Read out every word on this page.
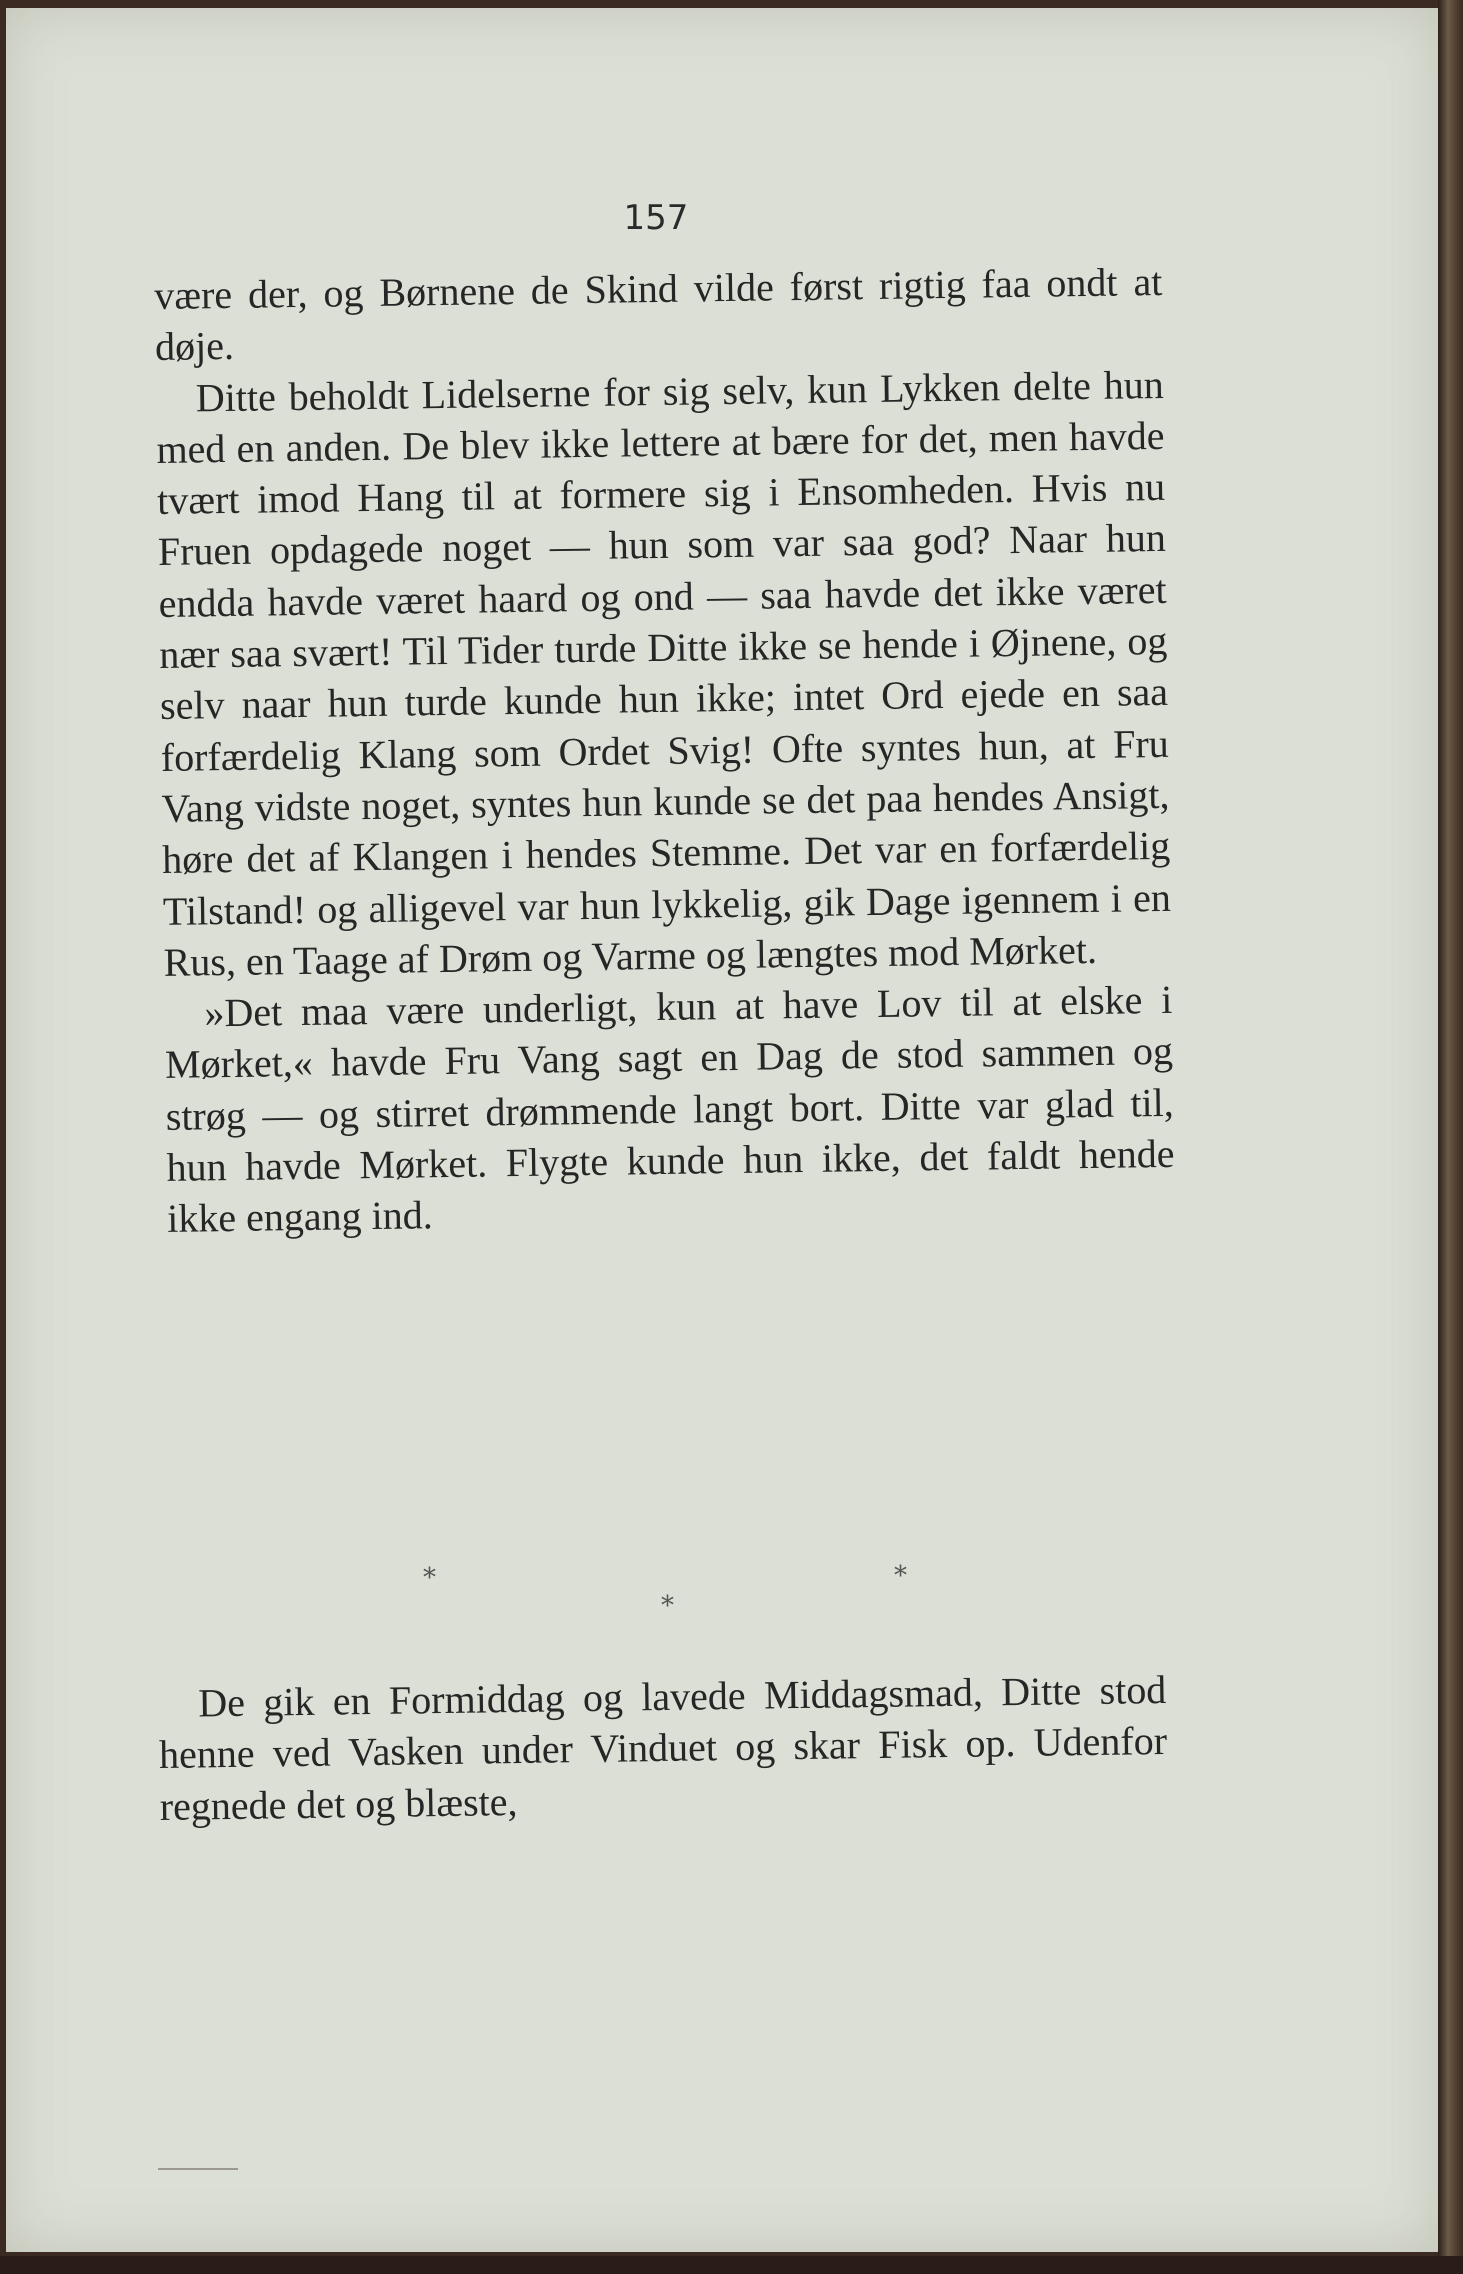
157

være der, og Børnene de Skind vilde først rigtig faa ondt at døje.

Ditte beholdt Lidelserne for sig selv, kun Lykken delte hun med en anden. De blev ikke lettere at bære for det, men havde tvært imod Hang til at formere sig i Ensomheden. Hvis nu Fruen opdagede noget — hun som var saa god? Naar hun endda havde været haard og ond — saa havde det ikke været nær saa svært! Til Tider turde Ditte ikke se hende i Øjnene, og selv naar hun turde kunde hun ikke; intet Ord ejede en saa forfærdelig Klang som Ordet Svig! Ofte syntes hun, at Fru Vang vidste noget, syntes hun kunde se det paa hendes Ansigt, høre det af Klangen i hendes Stemme. Det var en forfærdelig Tilstand! og alligevel var hun lykkelig, gik Dage igennem i en Rus, en Taage af Drøm og Varme og længtes mod Mørket.

»Det maa være underligt, kun at have Lov til at elske i Mørket,« havde Fru Vang sagt en Dag de stod sammen og strøg — og stirret drømmende langt bort. Ditte var glad til, hun havde Mørket. Flygte kunde hun ikke, det faldt hende ikke engang ind.

*	*
*

De gik en Formiddag og lavede Middagsmad, Ditte stod henne ved Vasken under Vinduet og skar Fisk op. Udenfor regnede det og blæste,
